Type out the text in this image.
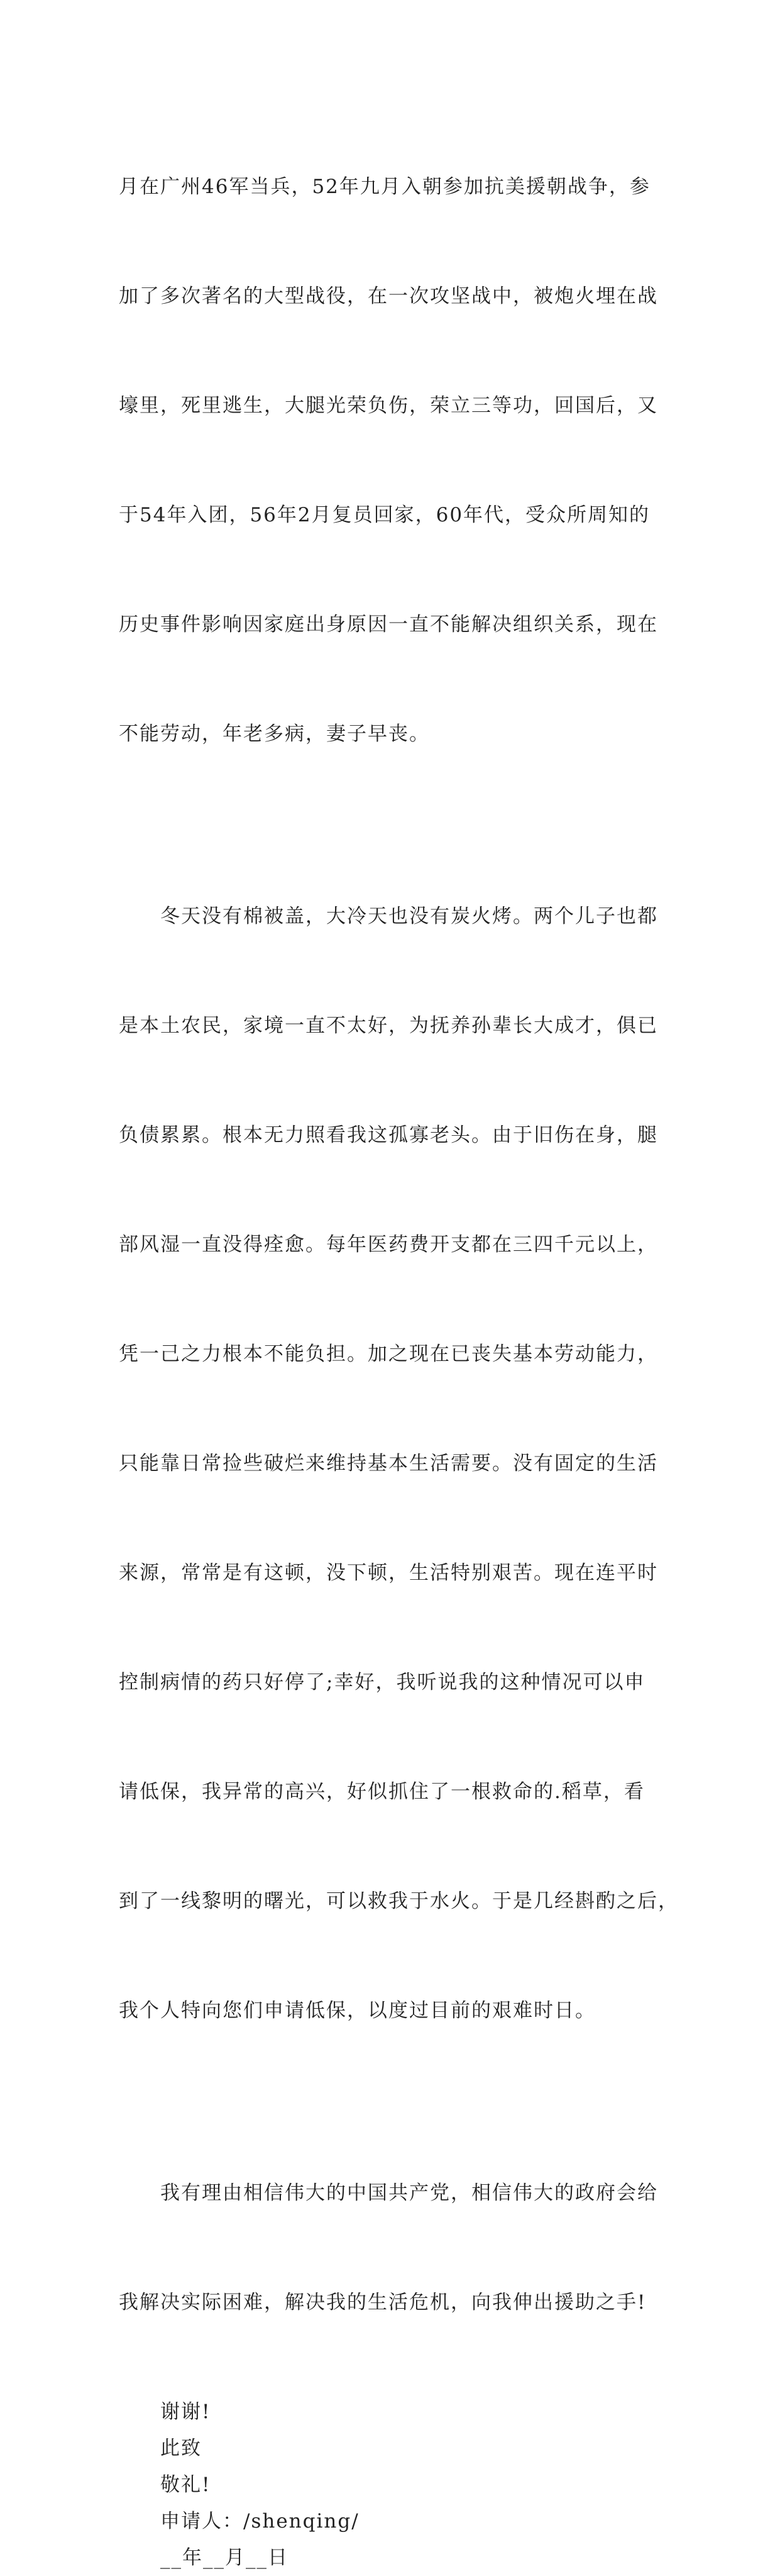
月在广州46军当兵，52年九月入朝参加抗美援朝战争，参

加了多次著名的大型战役，在一次攻坚战中，被炮火埋在战

壕里，死里逃生，大腿光荣负伤，荣立三等功，回国后，又

于54年入团，56年2月复员回家，60年代，受众所周知的

历史事件影响因家庭出身原因一直不能解决组织关系，现在

不能劳动，年老多病，妻子早丧。

冬天没有棉被盖，大冷天也没有炭火烤。两个儿子也都

是本土农民，家境一直不太好，为抚养孙辈长大成才，俱已

负债累累。根本无力照看我这孤寡老头。由于旧伤在身，腿

部风湿一直没得痊愈。每年医药费开支都在三四千元以上，

凭一己之力根本不能负担。加之现在已丧失基本劳动能力，

只能靠日常捡些破烂来维持基本生活需要。没有固定的生活

来源，常常是有这顿，没下顿，生活特别艰苦。现在连平时

控制病情的药只好停了;幸好，我听说我的这种情况可以申

请低保，我异常的高兴，好似抓住了一根救命的.稻草，看

到了一线黎明的曙光，可以救我于水火。于是几经斟酌之后，

我个人特向您们申请低保，以度过目前的艰难时日。

我有理由相信伟大的中国共产党，相信伟大的政府会给

我解决实际困难，解决我的生活危机，向我伸出援助之手!

谢谢!

此致

敬礼!

申请人：/shenqing/

__年__月__日
